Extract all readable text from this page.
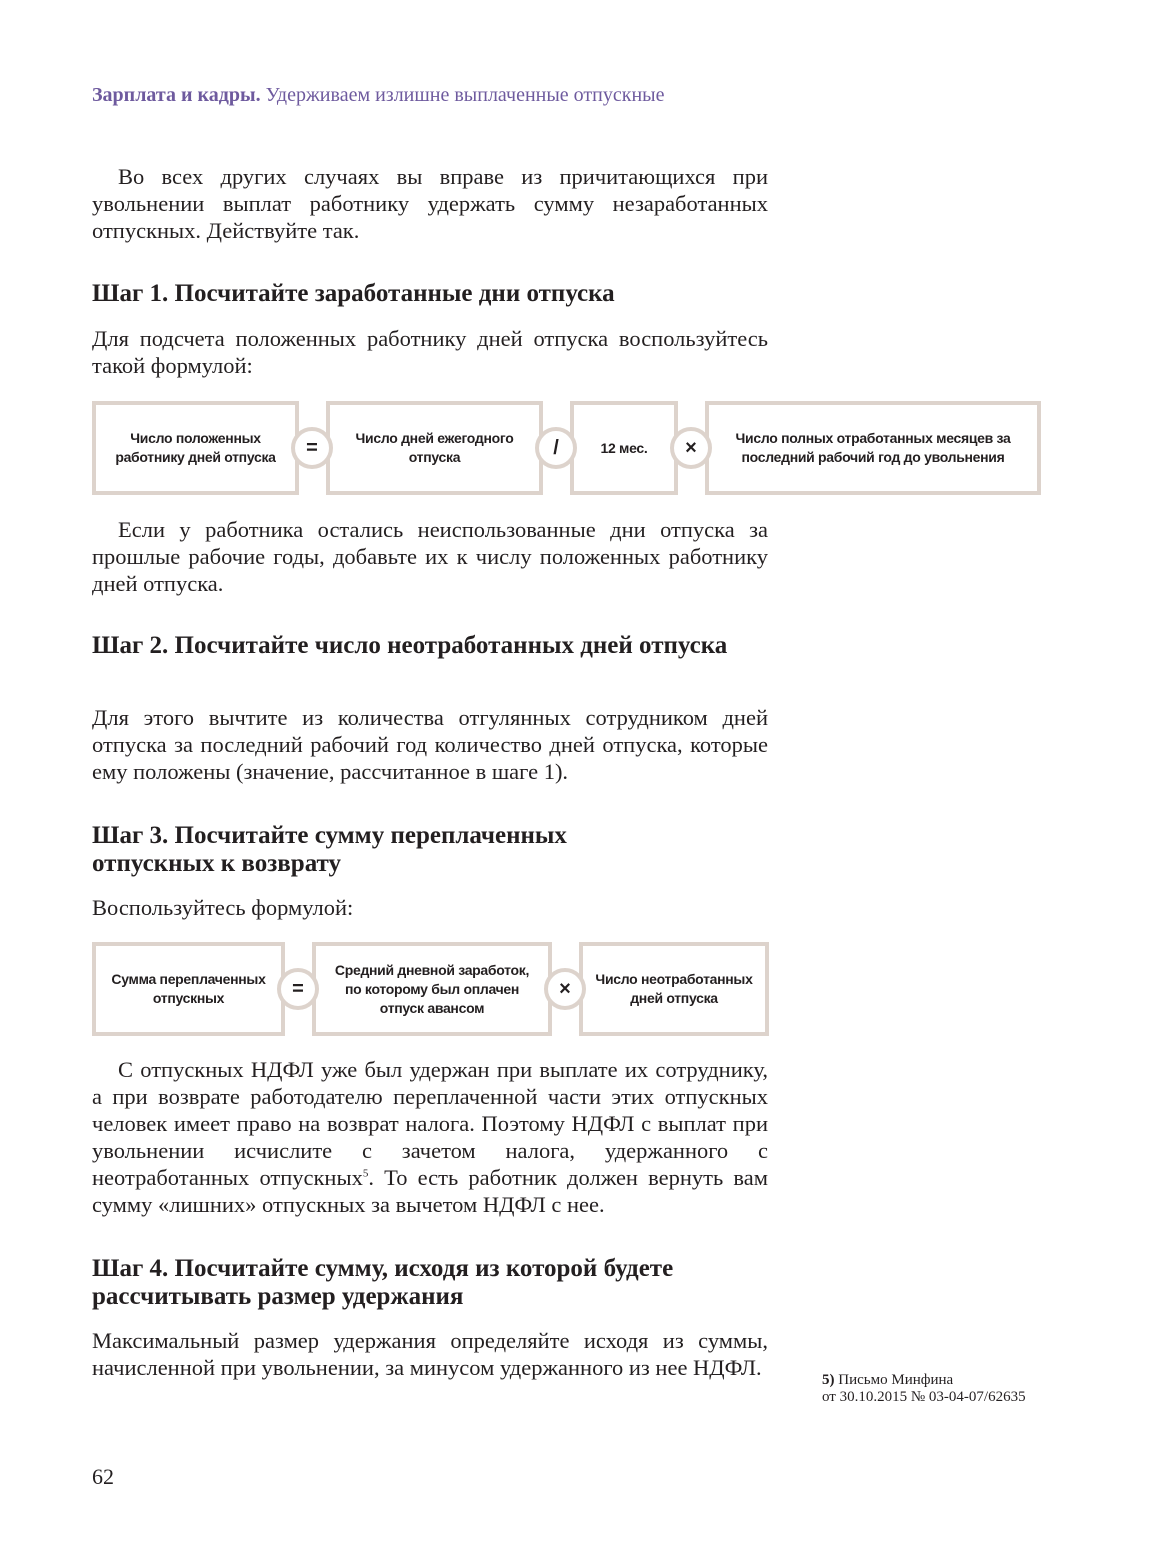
Зарплата и кадры. Удерживаем излишне выплаченные отпускные
Во всех других случаях вы вправе из причитающихся при увольнении выплат работнику удержать сумму незаработанных отпускных. Действуйте так.
Шаг 1. Посчитайте заработанные дни отпуска
Для подсчета положенных работнику дней отпуска воспользуйтесь такой формулой:
Число положенных работнику дней отпуска
Число дней ежегодного отпуска
12 мес.
Число полных отработанных месяцев за последний рабочий год до увольнения
=	/	×
Если у работника остались неиспользованные дни отпуска за прошлые рабочие годы, добавьте их к числу положенных работнику дней отпуска.
Шаг 2. Посчитайте число неотработанных дней отпуска
Для этого вычтите из количества отгулянных сотрудником дней отпуска за последний рабочий год количество дней отпуска, которые ему положены (значение, рассчитанное в шаге 1).
Шаг 3. Посчитайте сумму переплаченных отпускных к возврату
Воспользуйтесь формулой:
Сумма переплаченных отпускных
Средний дневной заработок, по которому был оплачен отпуск авансом
Число неотработанных дней отпуска
=	×
С отпускных НДФЛ уже был удержан при выплате их сотруднику, а при возврате работодателю переплаченной части этих отпускных человек имеет право на возврат налога. Поэтому НДФЛ с выплат при увольнении исчислите с зачетом налога, удержанного с неотработанных отпускных$^5$. То есть работник должен вернуть вам сумму «лишних» отпускных за вычетом НДФЛ с нее.
Шаг 4. Посчитайте сумму, исходя из которой будете рассчитывать размер удержания
Максимальный размер удержания определяйте исходя из суммы, начисленной при увольнении, за минусом удержанного из нее НДФЛ.	5) Письмо Минфина
от 30.10.2015 № 03-04-07/62635
62
